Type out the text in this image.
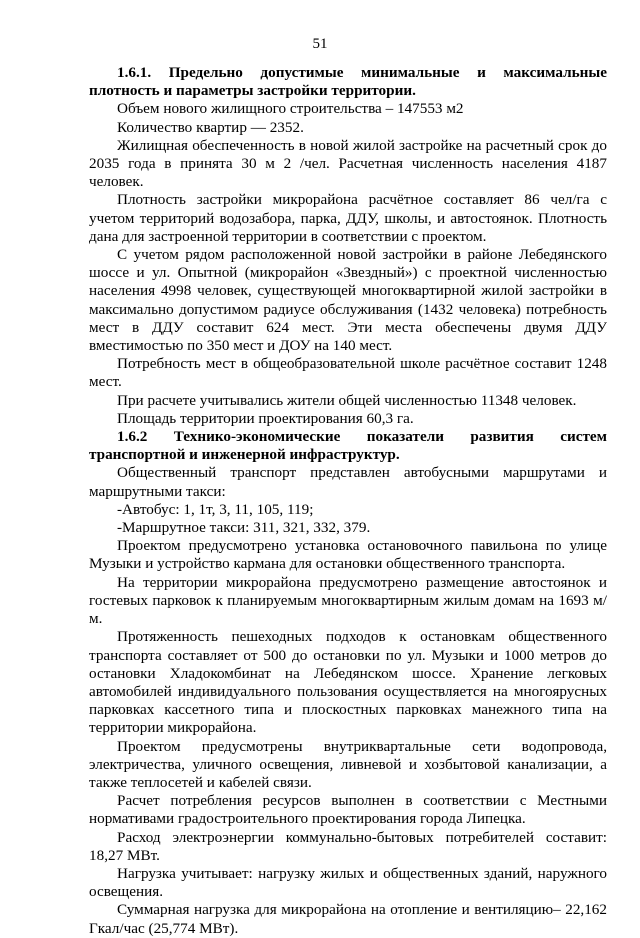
51

1.6.1. Предельно допустимые минимальные и максимальные плотность и параметры застройки территории.

Объем нового жилищного строительства – 147553 м2

Количество квартир — 2352.

Жилищная обеспеченность в новой жилой застройке на расчетный срок до 2035 года в принята 30 м 2 /чел. Расчетная численность населения 4187 человек.

Плотность застройки микрорайона расчётное составляет 86 чел/га с учетом территорий водозабора, парка, ДДУ, школы, и автостоянок. Плотность дана для застроенной территории в соответствии с проектом.

С учетом рядом расположенной новой застройки в районе Лебедянского шоссе и ул. Опытной (микрорайон «Звездный») с проектной численностью населения 4998 человек, существующей многоквартирной жилой застройки в максимально допустимом радиусе обслуживания (1432 человека) потребность мест в ДДУ составит 624 мест. Эти места обеспечены двумя ДДУ вместимостью по 350 мест и ДОУ на 140 мест.

Потребность мест в общеобразовательной школе расчётное составит 1248 мест.

При расчете учитывались жители общей численностью 11348 человек.

Площадь территории проектирования 60,3 га.

1.6.2 Технико-экономические показатели развития систем транспортной и инженерной инфраструктур.

Общественный транспорт представлен автобусными маршрутами и маршрутными такси:

-Автобус: 1, 1т, 3, 11, 105, 119;

-Маршрутное такси: 311, 321, 332, 379.

Проектом предусмотрено установка остановочного павильона по улице Музыки и устройство кармана для остановки общественного транспорта.

На территории микрорайона предусмотрено размещение автостоянок и гостевых парковок к планируемым многоквартирным жилым домам на 1693 м/м.

Протяженность пешеходных подходов к остановкам общественного транспорта составляет от 500 до остановки по ул. Музыки и 1000 метров до остановки Хладокомбинат на Лебедянском шоссе. Хранение легковых автомобилей индивидуального пользования осуществляется на многоярусных парковках кассетного типа и плоскостных парковках манежного типа на территории микрорайона.

Проектом предусмотрены внутриквартальные сети водопровода, электричества, уличного освещения, ливневой и хозбытовой канализации, а также теплосетей и кабелей связи.

Расчет потребления ресурсов выполнен в соответствии с Местными нормативами градостроительного проектирования города Липецка.

Расход электроэнергии коммунально-бытовых потребителей составит: 18,27 МВт.

Нагрузка учитывает: нагрузку жилых и общественных зданий, наружного освещения.

Суммарная нагрузка для микрорайона на отопление и вентиляцию– 22,162 Гкал/час (25,774 МВт).
